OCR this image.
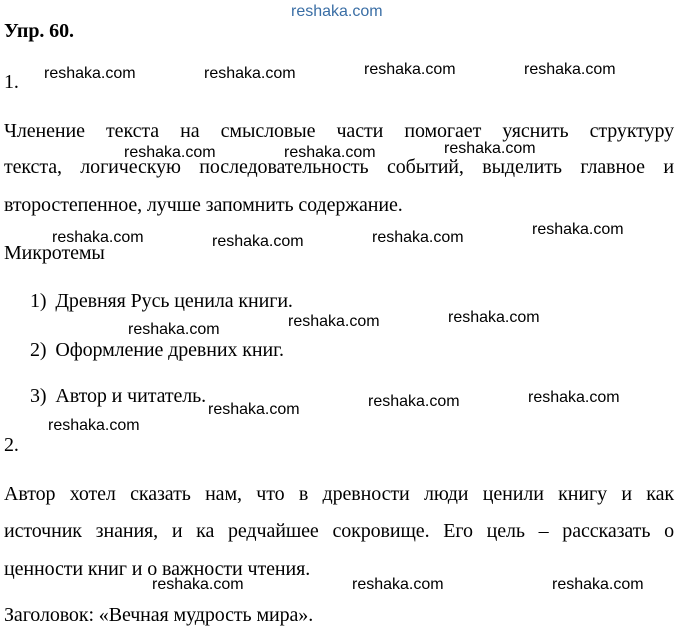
reshaka.com
Упр. 60.
1.
Членение текста на смысловые части помогает уяснить структуру
текста, логическую последовательность событий, выделить главное и
второстепенное, лучше запомнить содержание.
Микротемы
1) Древняя Русь ценила книги.
2) Оформление древних книг.
3) Автор и читатель.
2.
Автор хотел сказать нам, что в древности люди ценили книгу и как
источник знания, и ка редчайшее сокровище. Его цель – рассказать о
ценности книг и о важности чтения.
Заголовок: «Вечная мудрость мира».
reshaka.com	reshaka.com	reshaka.com	reshaka.com
reshaka.com	reshaka.com	reshaka.com
reshaka.com	reshaka.com	reshaka.com	reshaka.com
reshaka.com	reshaka.com	reshaka.com
reshaka.com
reshaka.com	reshaka.com	reshaka.com
reshaka.com	reshaka.com	reshaka.com
